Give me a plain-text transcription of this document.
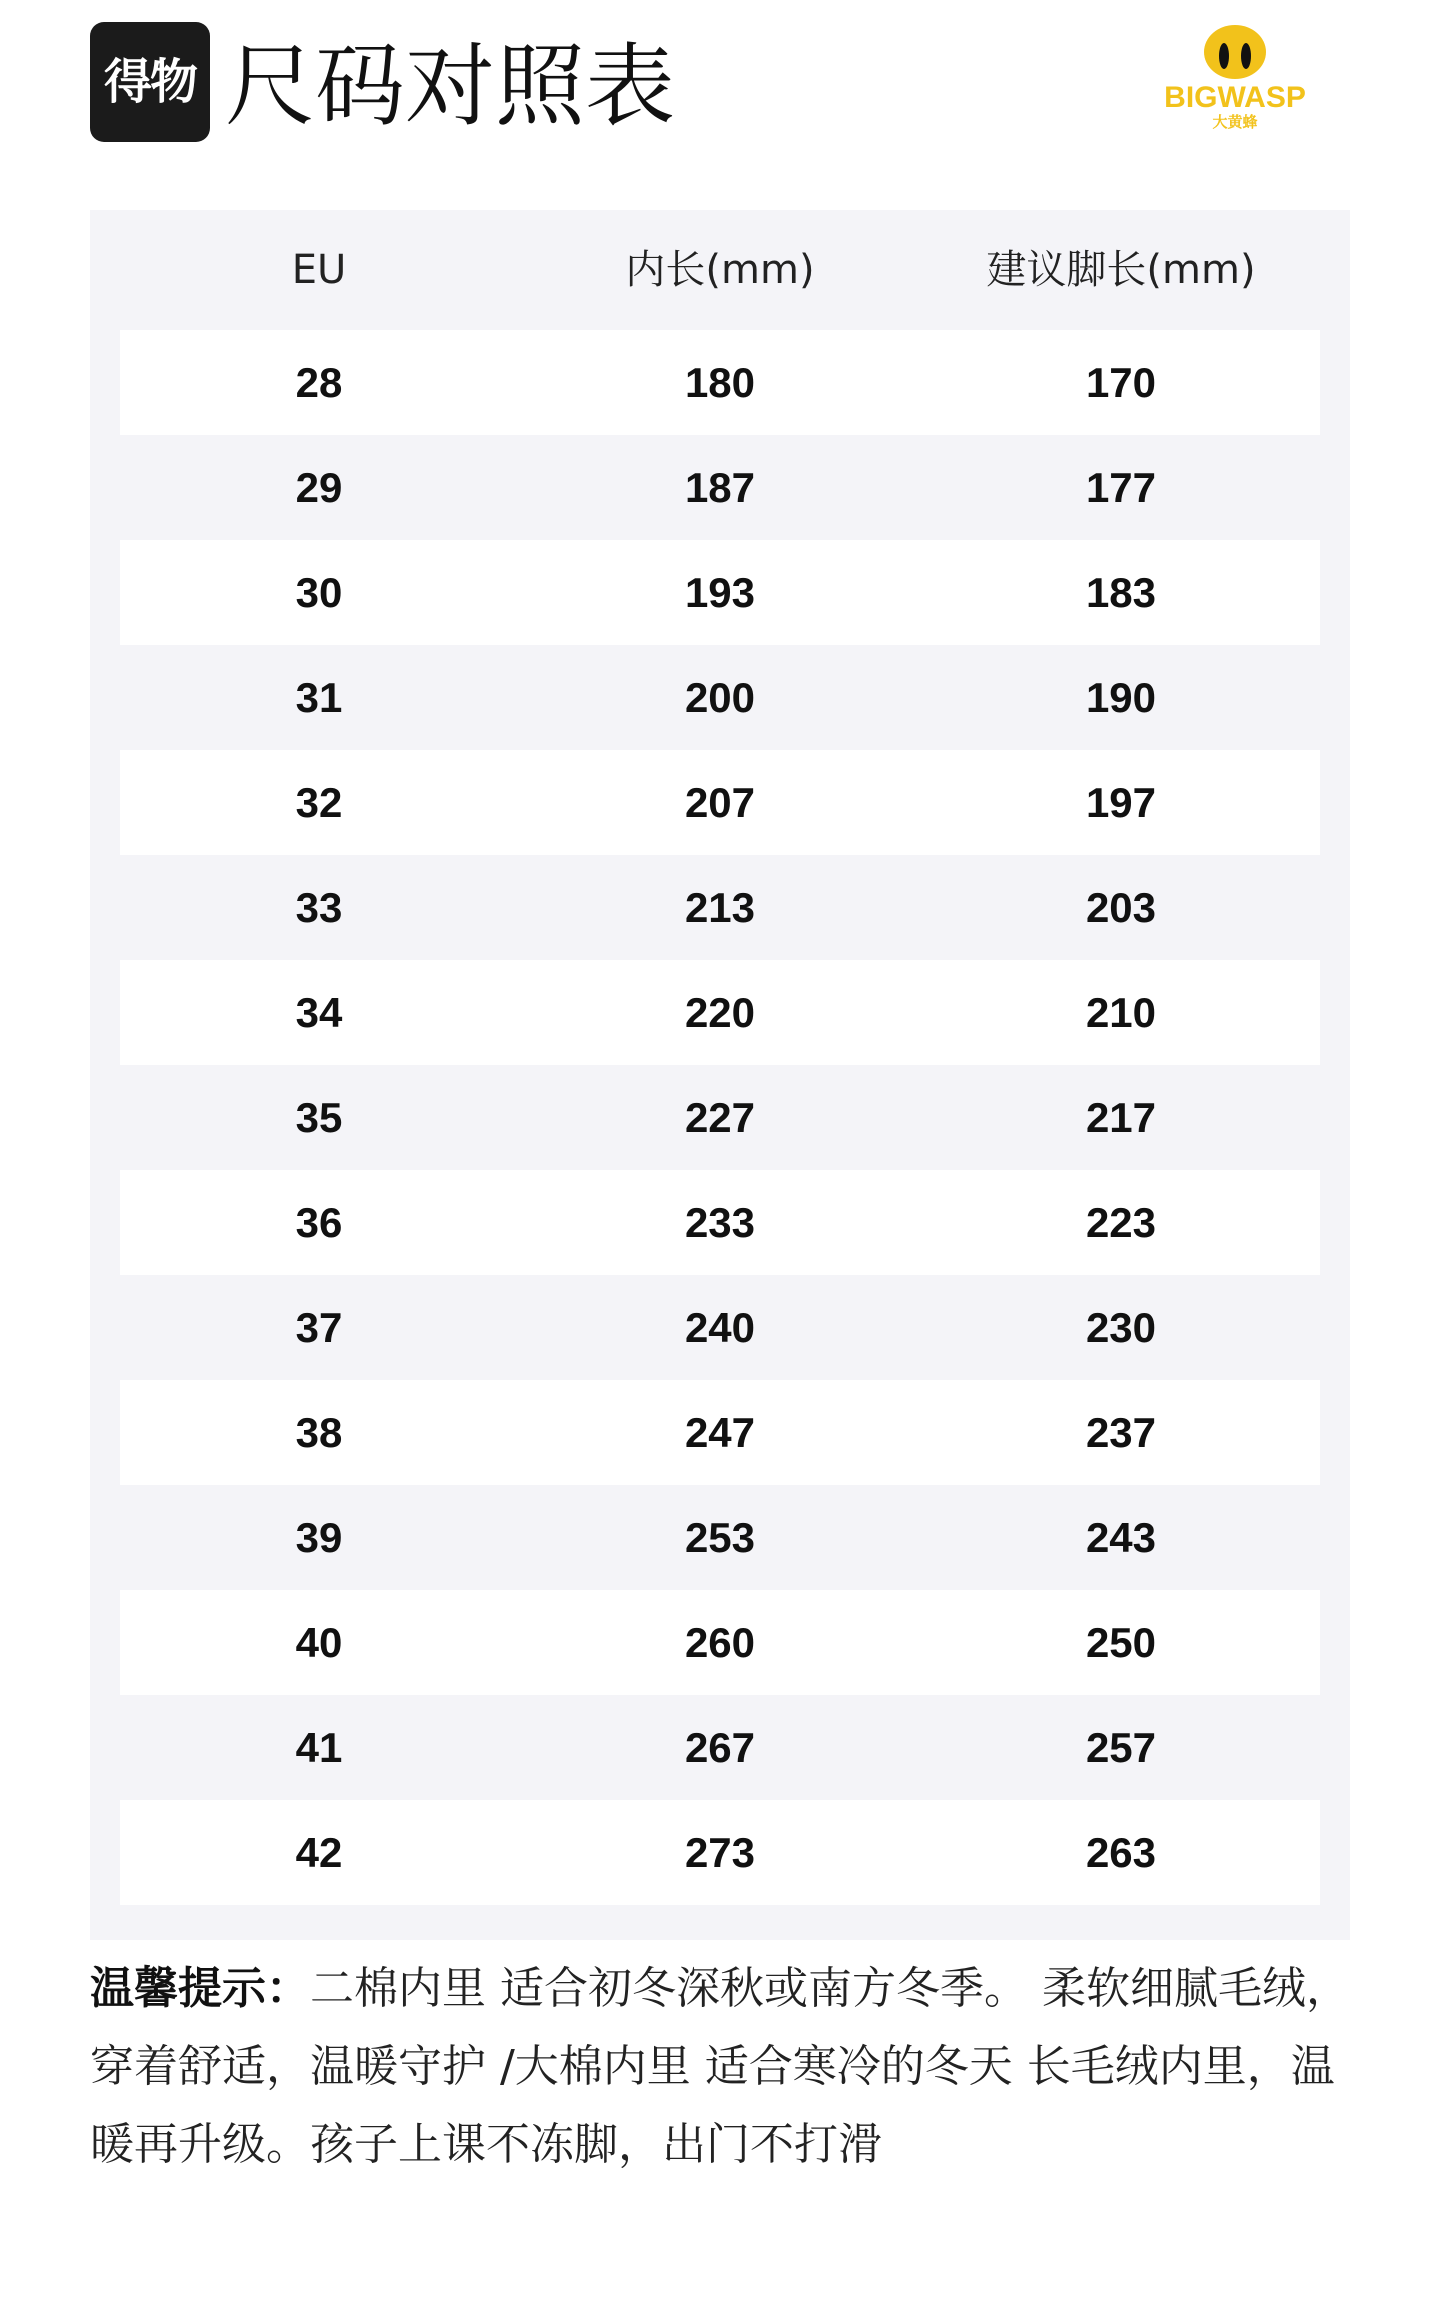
得物 尺码对照表	BIGWASP
大黄蜂
EU	内长(mm)	建议脚长(mm)
28	180	170
29	187	177
30	193	183
31	200	190
32	207	197
33	213	203
34	220	210
35	227	217
36	233	223
37	240	230
38	247	237
39	253	243
40	260	250
41	267	257
42	273	263
温馨提示：二棉内里 适合初冬深秋或南方冬季。 柔软细腻毛绒，穿着舒适，温暖守护 /大棉内里 适合寒冷的冬天 长毛绒内里，温暖再升级。孩子上课不冻脚，出门不打滑
